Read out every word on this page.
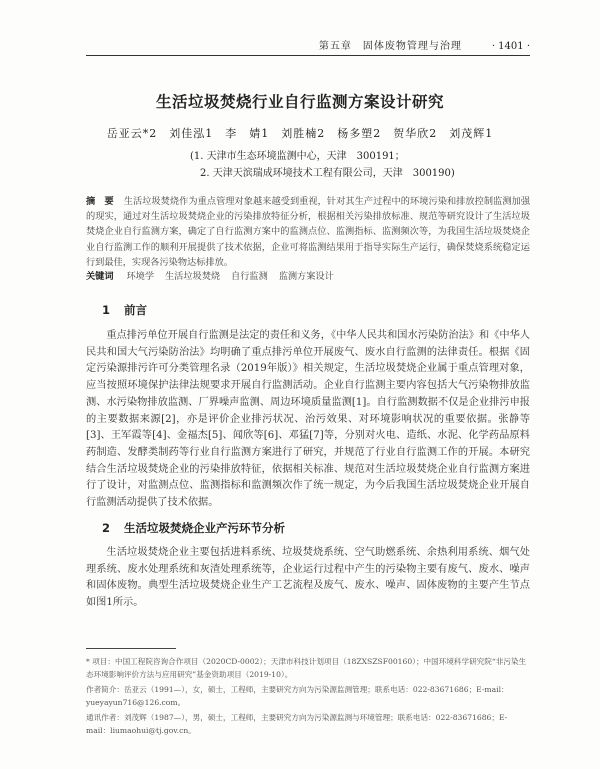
第五章　固体废物管理与治理	· 1401 ·
生活垃圾焚烧行业自行监测方案设计研究
岳亚云*2　刘佳泓1　李　婧1　刘胜楠2　杨多塑2　贺华欣2　刘茂辉1
(1. 天津市生态环境监测中心，天津　300191；
2. 天津天滨瑞成环境技术工程有限公司，天津　300190)
摘　要 生活垃圾焚烧作为重点管理对象越来越受到重视，针对其生产过程中的环境污染和排放控制监测加强的现实，通过对生活垃圾焚烧企业的污染排放特征分析，根据相关污染排放标准、规范等研究设计了生活垃圾焚烧企业自行监测方案，确定了自行监测方案中的监测点位、监测指标、监测频次等，为我国生活垃圾焚烧企业自行监测工作的顺利开展提供了技术依据，企业可将监测结果用于指导实际生产运行，确保焚烧系统稳定运行到最佳，实现各污染物达标排放。
关键词 环境学 生活垃圾焚烧 自行监测 监测方案设计
1 前言
重点排污单位开展自行监测是法定的责任和义务，《中华人民共和国水污染防治法》和《中华人民共和国大气污染防治法》均明确了重点排污单位开展废气、废水自行监测的法律责任。根据《固定污染源排污许可分类管理名录（2019年版）》相关规定，生活垃圾焚烧企业属于重点管理对象，应当按照环境保护法律法规要求开展自行监测活动。企业自行监测主要内容包括大气污染物排放监测、水污染物排放监测、厂界噪声监测、周边环境质量监测[1]。自行监测数据不仅是企业排污申报的主要数据来源[2]，亦是评价企业排污状况、治污效果、对环境影响状况的重要依据。张静等[3]、王军霞等[4]、金福杰[5]、闻欣等[6]、邓猛[7]等，分别对火电、造纸、水泥、化学药品原料药制造、发酵类制药等行业自行监测方案进行了研究，并规范了行业自行监测工作的开展。本研究结合生活垃圾焚烧企业的污染排放特征，依据相关标准、规范对生活垃圾焚烧企业自行监测方案进行了设计，对监测点位、监测指标和监测频次作了统一规定，为今后我国生活垃圾焚烧企业开展自行监测活动提供了技术依据。
2 生活垃圾焚烧企业产污环节分析
生活垃圾焚烧企业主要包括进料系统、垃圾焚烧系统、空气助燃系统、余热利用系统、烟气处理系统、废水处理系统和灰渣处理系统等，企业运行过程中产生的污染物主要有废气、废水、噪声和固体废物。典型生活垃圾焚烧企业生产工艺流程及废气、废水、噪声、固体废物的主要产生节点如图1所示。
* 项目：中国工程院咨询合作项目（2020CD-0002）；天津市科技计划项目（18ZXSZSF00160）；中国环境科学研究院“非污染生态环境影响评价方法与应用研究”基金资助项目（2019-10）。
作者简介：岳亚云（1991—），女，硕士，工程师，主要研究方向为污染源监测管理；联系电话：022-83671686；E-mail：yueyayun716@126.com。
通讯作者：刘茂辉（1987—），男，硕士，工程师，主要研究方向为污染源监测与环境管理；联系电话：022-83671686；E-mail：liumaohui@tj.gov.cn。
